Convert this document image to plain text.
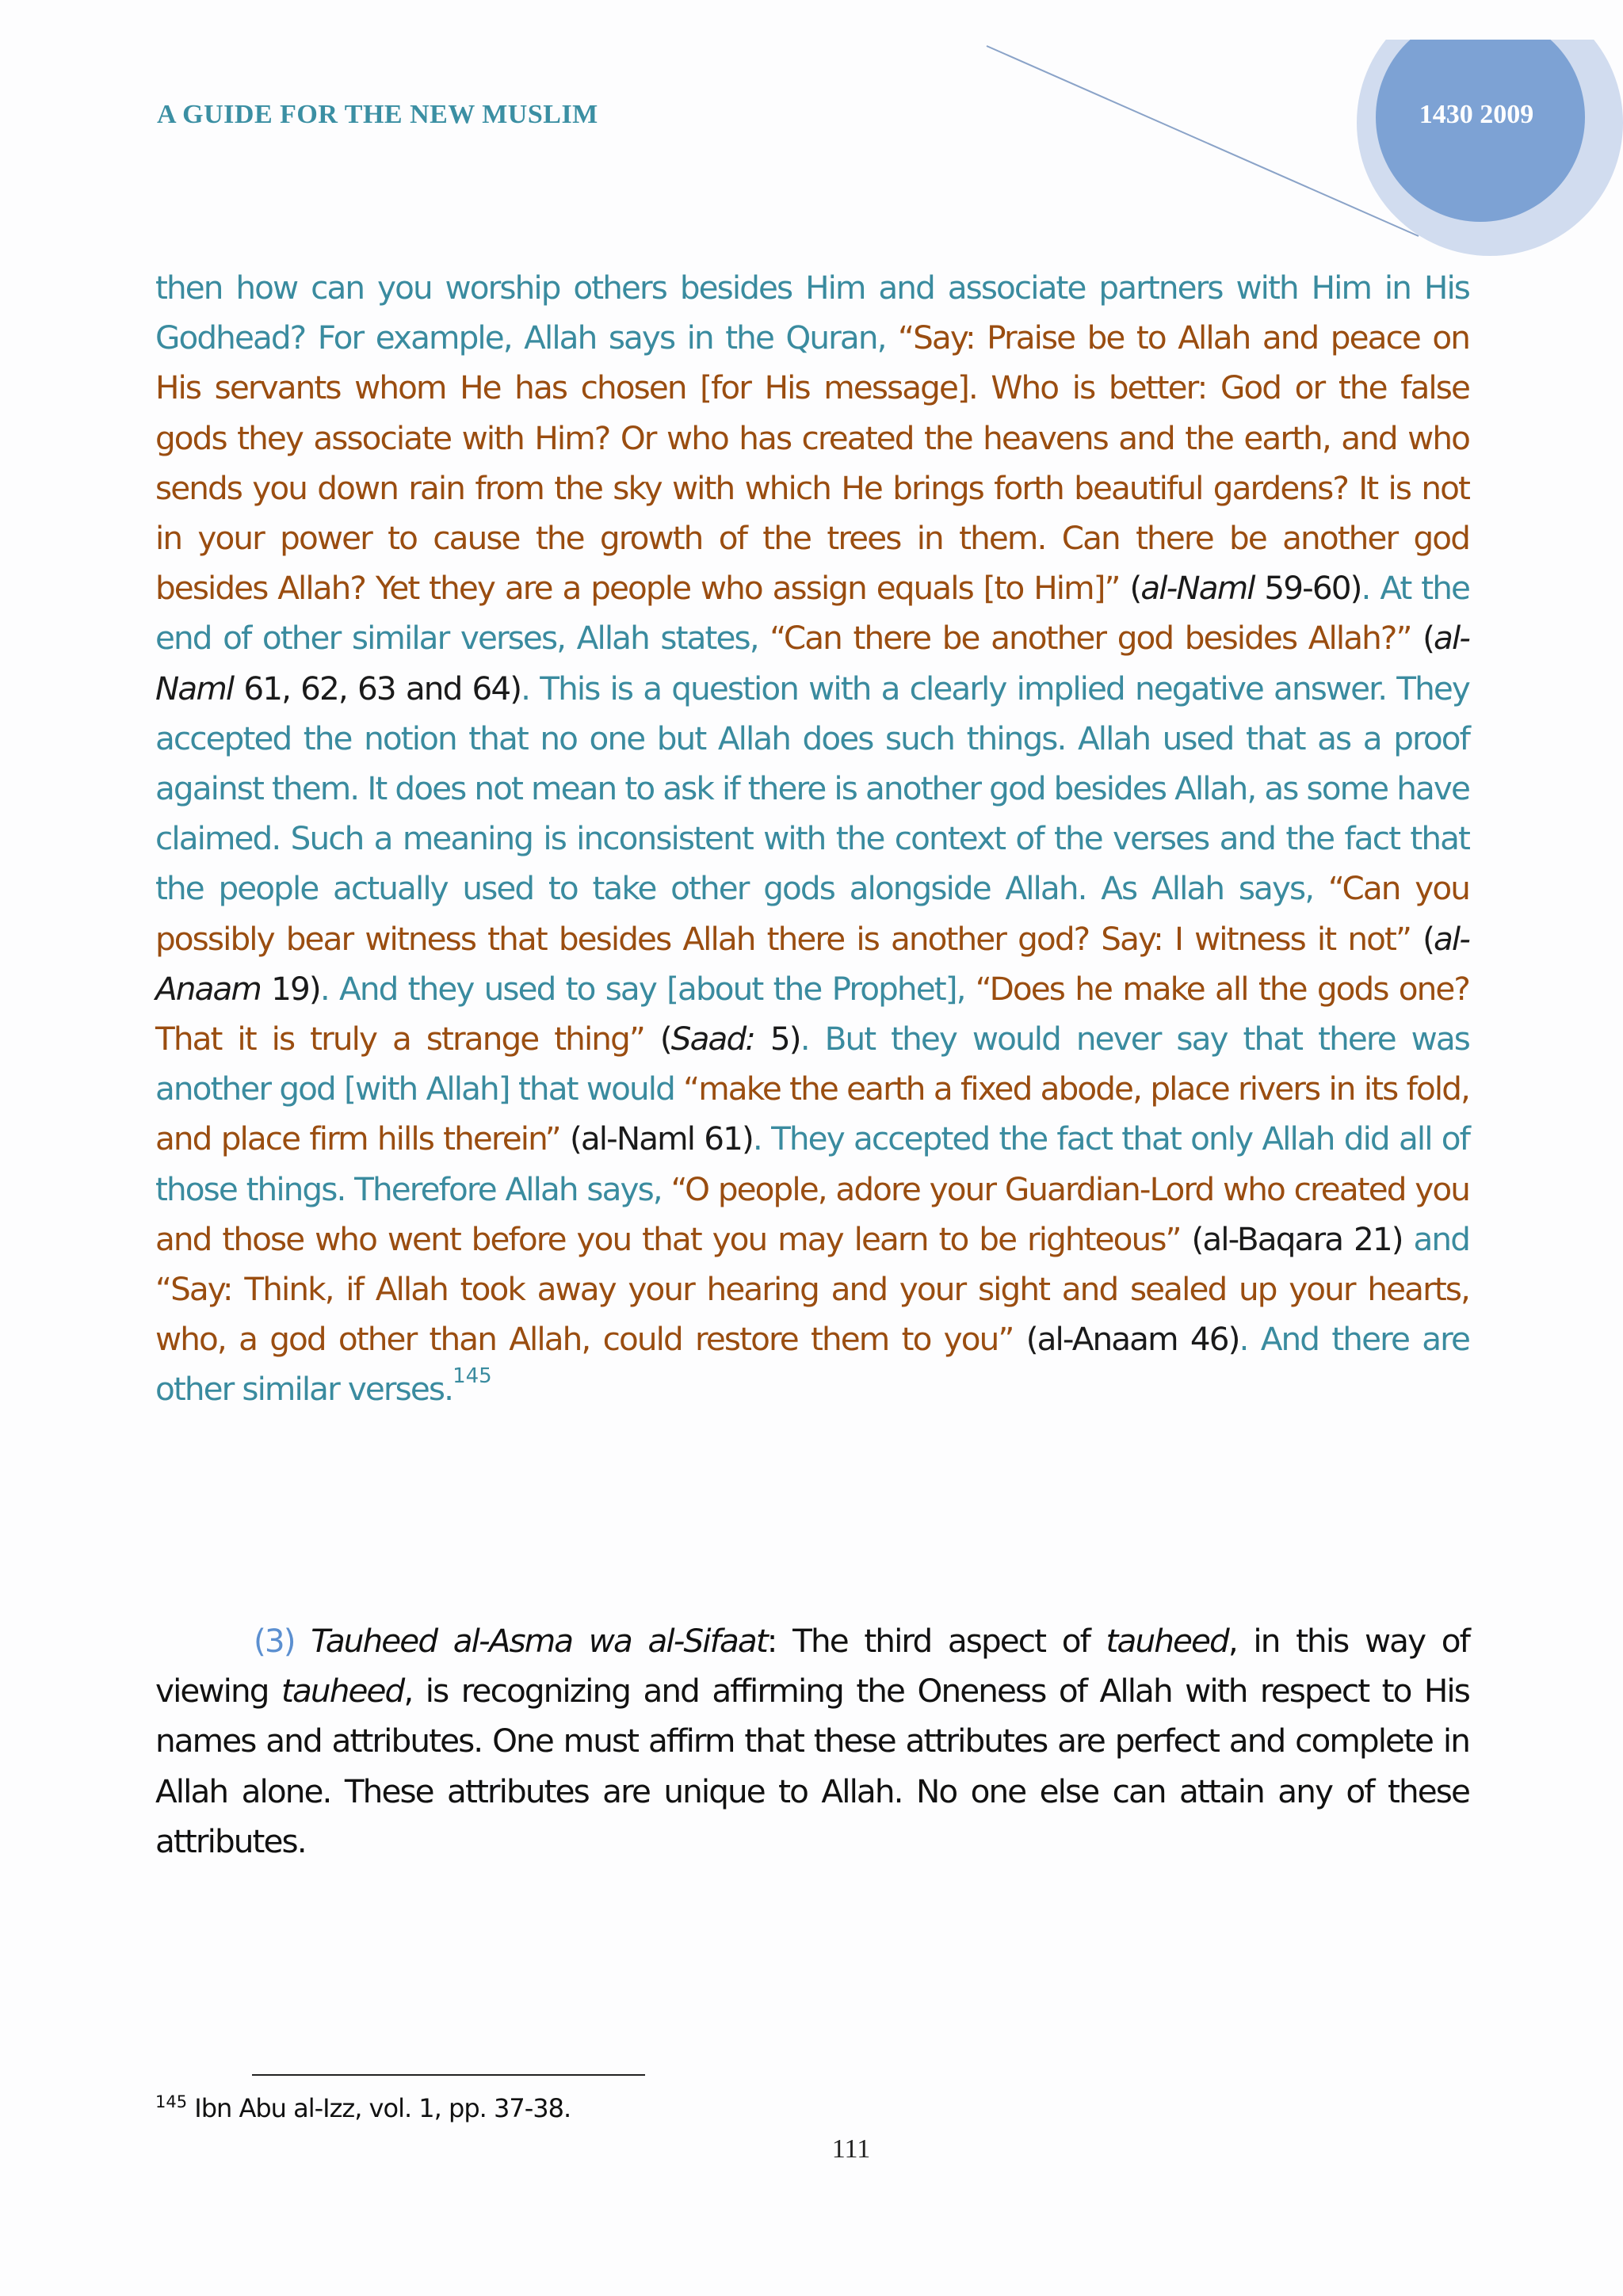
A GUIDE FOR THE NEW MUSLIM	1430 2009

then how can you worship others besides Him and associate partners with Him in His Godhead? For example, Allah says in the Quran, “Say: Praise be to Allah and peace on His servants whom He has chosen [for His message]. Who is better: God or the false gods they associate with Him? Or who has created the heavens and the earth, and who sends you down rain from the sky with which He brings forth beautiful gardens? It is not in your power to cause the growth of the trees in them. Can there be another god besides Allah? Yet they are a people who assign equals [to Him]” (al-Naml 59-60). At the end of other similar verses, Allah states, “Can there be another god besides Allah?” (al-Naml 61, 62, 63 and 64). This is a question with a clearly implied negative answer. They accepted the notion that no one but Allah does such things. Allah used that as a proof against them. It does not mean to ask if there is another god besides Allah, as some have claimed. Such a meaning is inconsistent with the context of the verses and the fact that the people actually used to take other gods alongside Allah. As Allah says, “Can you possibly bear witness that besides Allah there is another god? Say: I witness it not” (al-Anaam 19). And they used to say [about the Prophet], “Does he make all the gods one? That it is truly a strange thing” (Saad: 5). But they would never say that there was another god [with Allah] that would “make the earth a fixed abode, place rivers in its fold, and place firm hills therein” (al-Naml 61). They accepted the fact that only Allah did all of those things. Therefore Allah says, “O people, adore your Guardian-Lord who created you and those who went before you that you may learn to be righteous” (al-Baqara 21) and “Say: Think, if Allah took away your hearing and your sight and sealed up your hearts, who, a god other than Allah, could restore them to you” (al-Anaam 46). And there are other similar verses.$^{145}$

(3) Tauheed al-Asma wa al-Sifaat: The third aspect of tauheed, in this way of viewing tauheed, is recognizing and affirming the Oneness of Allah with respect to His names and attributes. One must affirm that these attributes are perfect and complete in Allah alone. These attributes are unique to Allah. No one else can attain any of these attributes.

$^{145}$ Ibn Abu al-Izz, vol. 1, pp. 37-38.

111
